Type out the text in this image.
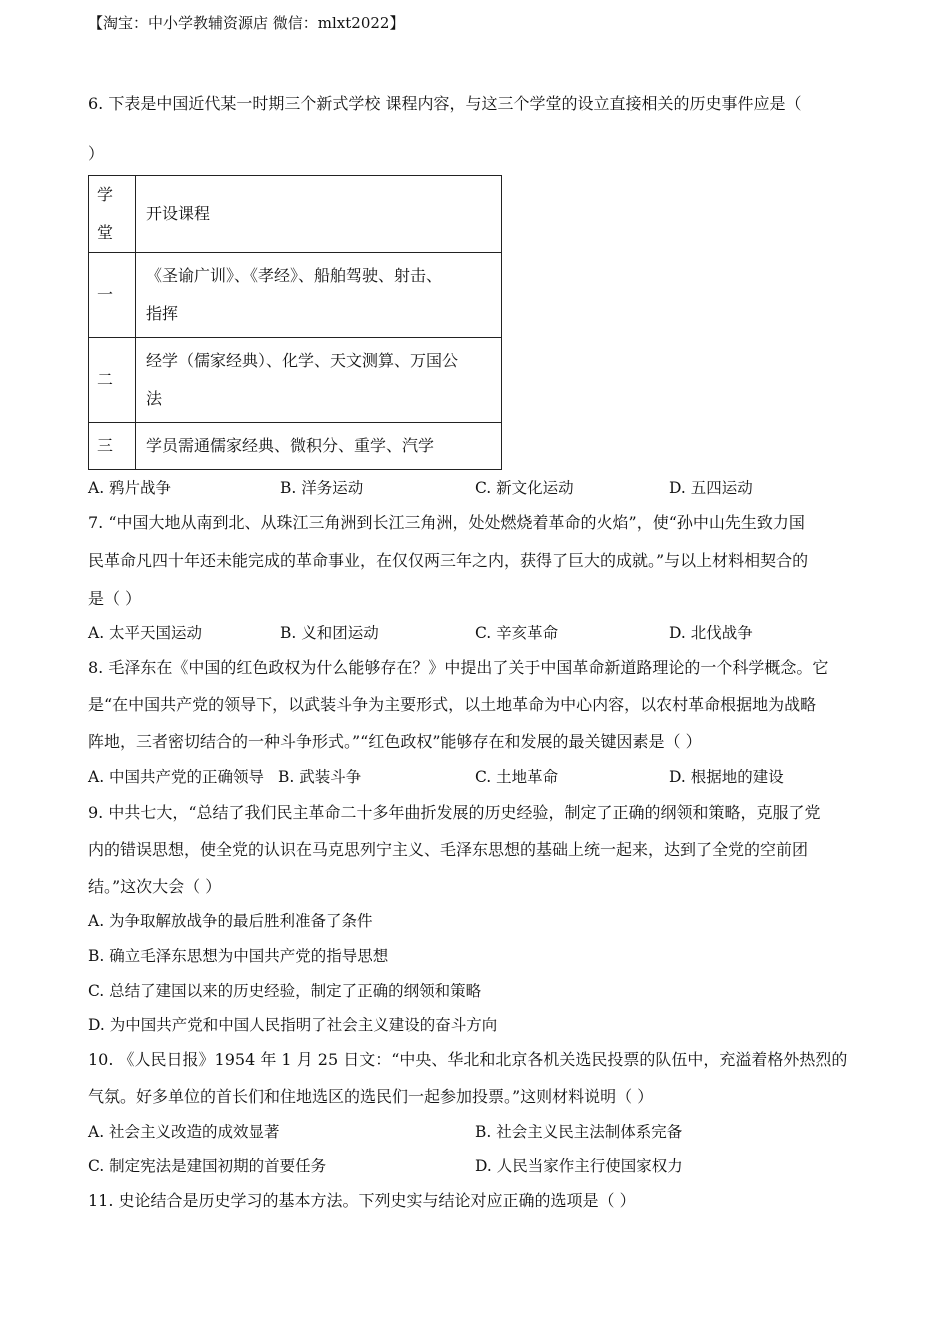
【淘宝：中小学教辅资源店 微信：mlxt2022】
6. 下表是中国近代某一时期三个新式学校 课程内容，与这三个学堂的设立直接相关的历史事件应是（
）
学堂	开设课程
一	《圣谕广训》、《孝经》、船舶驾驶、射击、
指挥

二	经学（儒家经典）、化学、天文测算、万国公
法

三	学员需通儒家经典、微积分、重学、汽学
A. 鸦片战争	B. 洋务运动	C. 新文化运动	D. 五四运动
7. “中国大地从南到北、从珠江三角洲到长江三角洲，处处燃烧着革命的火焰”，使“孙中山先生致力国
民革命凡四十年还未能完成的革命事业，在仅仅两三年之内，获得了巨大的成就。”与以上材料相契合的
是（ ）
A. 太平天国运动	B. 义和团运动	C. 辛亥革命	D. 北伐战争
8. 毛泽东在《中国的红色政权为什么能够存在？》中提出了关于中国革命新道路理论的一个科学概念。它
是“在中国共产党的领导下，以武装斗争为主要形式，以土地革命为中心内容，以农村革命根据地为战略
阵地，三者密切结合的一种斗争形式。”“红色政权”能够存在和发展的最关键因素是（ ）
A. 中国共产党的正确领导 B. 武装斗争	C. 土地革命	D. 根据地的建设
9. 中共七大，“总结了我们民主革命二十多年曲折发展的历史经验，制定了正确的纲领和策略，克服了党
内的错误思想，使全党的认识在马克思列宁主义、毛泽东思想的基础上统一起来，达到了全党的空前团
结。”这次大会（ ）
A. 为争取解放战争的最后胜利准备了条件
B. 确立毛泽东思想为中国共产党的指导思想
C. 总结了建国以来的历史经验，制定了正确的纲领和策略
D. 为中国共产党和中国人民指明了社会主义建设的奋斗方向
10. 《人民日报》1954 年 1 月 25 日文：“中央、华北和北京各机关选民投票的队伍中，充溢着格外热烈的
气氛。好多单位的首长们和住地选区的选民们一起参加投票。”这则材料说明（ ）
A. 社会主义改造的成效显著	B. 社会主义民主法制体系完备
C. 制定宪法是建国初期的首要任务	D. 人民当家作主行使国家权力
11. 史论结合是历史学习的基本方法。下列史实与结论对应正确的选项是（ ）
